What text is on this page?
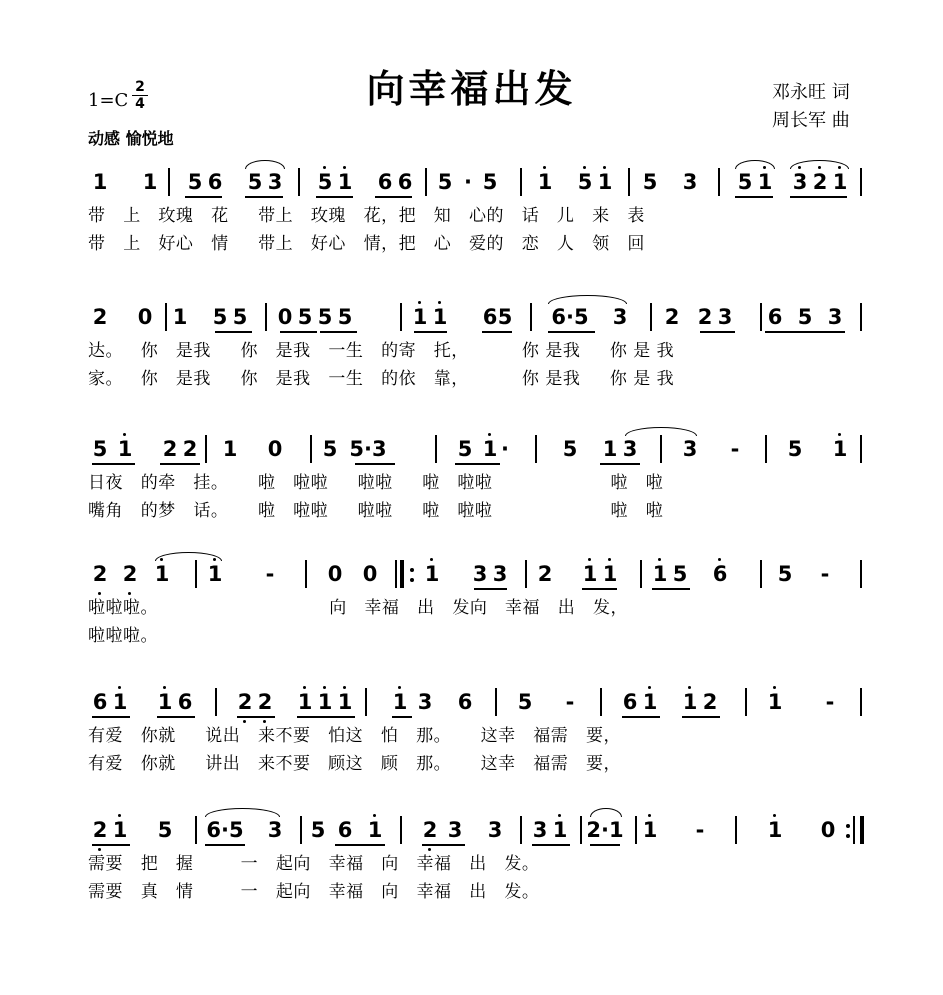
向幸福出发
1=C
2
4
动感 愉悦地
邓永旺 词
周长军 曲
1 1 5 6 5 3 5 1 6 6 5 · 5 1 5 1 5 3 5 1 3 2 1
带   上   玫瑰   花     带上   玫瑰   花，把   知   心的   话   儿   来   表
带   上   好心   情     带上   好心   情，把   心   爱的   恋   人   领   回
2 0 1 5 5 0 5 5 5	1 1 6 5 6·5 3 2 2 3 6 5 3
达。   你   是我     你   是我   一生   的寄   托，         你 是我     你 是 我
家。   你   是我     你   是我   一生   的依   靠，         你 是我     你 是 我
5 1 2 2 1 0 5 5·3	5 1 ·	5 1 3 3 - 5 1
日夜   的牵   挂。     啦   啦啦     啦啦     啦   啦啦                    啦   啦
嘴角   的梦   话。     啦   啦啦     啦啦     啦   啦啦                    啦   啦
2 2 1 1 -	0 0 1 3 3 2 1 1 1 5 6 5 -
啦啦啦。                             向   幸福   出   发向   幸福   出   发，
啦啦啦。
6 1 1 6 2 2 1 1 1 1 3 6 5 - 6 1 1 2 1 -
有爱   你就     说出   来不要   怕这   怕   那。     这幸   福需   要，
有爱   你就     讲出   来不要   顾这   顾   那。     这幸   福需   要，
2 1 5 6·5 3 5 6 1 2 3 3 3 1 2·1 1 -	1 0
需要   把   握        一   起向   幸福   向   幸福   出   发。
需要   真   情        一   起向   幸福   向   幸福   出   发。
